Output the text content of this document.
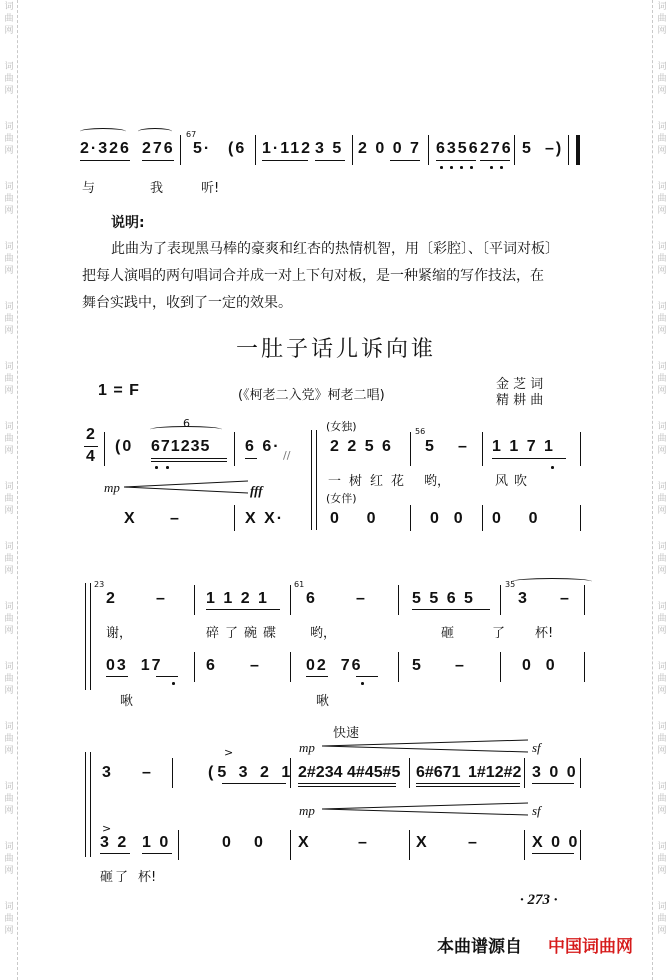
词
曲
网
词
曲
网
词
曲
网
词
曲
网
词
曲
网
词
曲
网
词
曲
网
词
曲
网
词
曲
网
词
曲
网
词
曲
网
词
曲
网
词
曲
网
词
曲
网
词
曲
网
词
曲
网
词
曲
网
词
曲
网
词
曲
网
词
曲
网
词
曲
网
词
曲
网
词
曲
网
词
曲
网
词
曲
网
词
曲
网
词
曲
网
词
曲
网
词
曲
网
词
曲
网
词
曲
网
词
曲
网
2·326 276
67
5· (6 1·112 3 5 2 0 0 7 6356 276 5 –)
与	我	听!
说明:
此曲为了表现黑马棒的豪爽和红杏的热情机智，用〔彩腔〕、〔平词对板〕
把每人演唱的两句唱词合并成一对上下句对板，是一种紧缩的写作技法，在
舞台实践中，收到了一定的效果。
一肚子话儿诉向谁
1 = F	(《柯老二入党》柯老二唱)
金 芝 词
精 耕 曲
2
4
(0
6
671235 6 6·
//
mp	fff
X –	X X·
(女独)
2 2 5 6
56
5 – 1 1 7 1
一树红花 哟，	风吹
(女伴)
0    0	0  0 0    0
23
2 – 1 1 2 1
61
6 –	5 5 6 5
35
3 –
谢，	碎了碗碟 哟，	砸	了 杯!
03  17	6 –	02  76	5 –	0  0
啾	啾
快速
mp	sf
3 –
>
(5 3 2 1 2#234 4#45#5 6#671 1#12#2 3 0 0
mp	sf
>
3 2 1 0	0 0 X	–	X –	X 0 0
砸了 杯!
· 273 ·
本曲谱源自 中国词曲网
